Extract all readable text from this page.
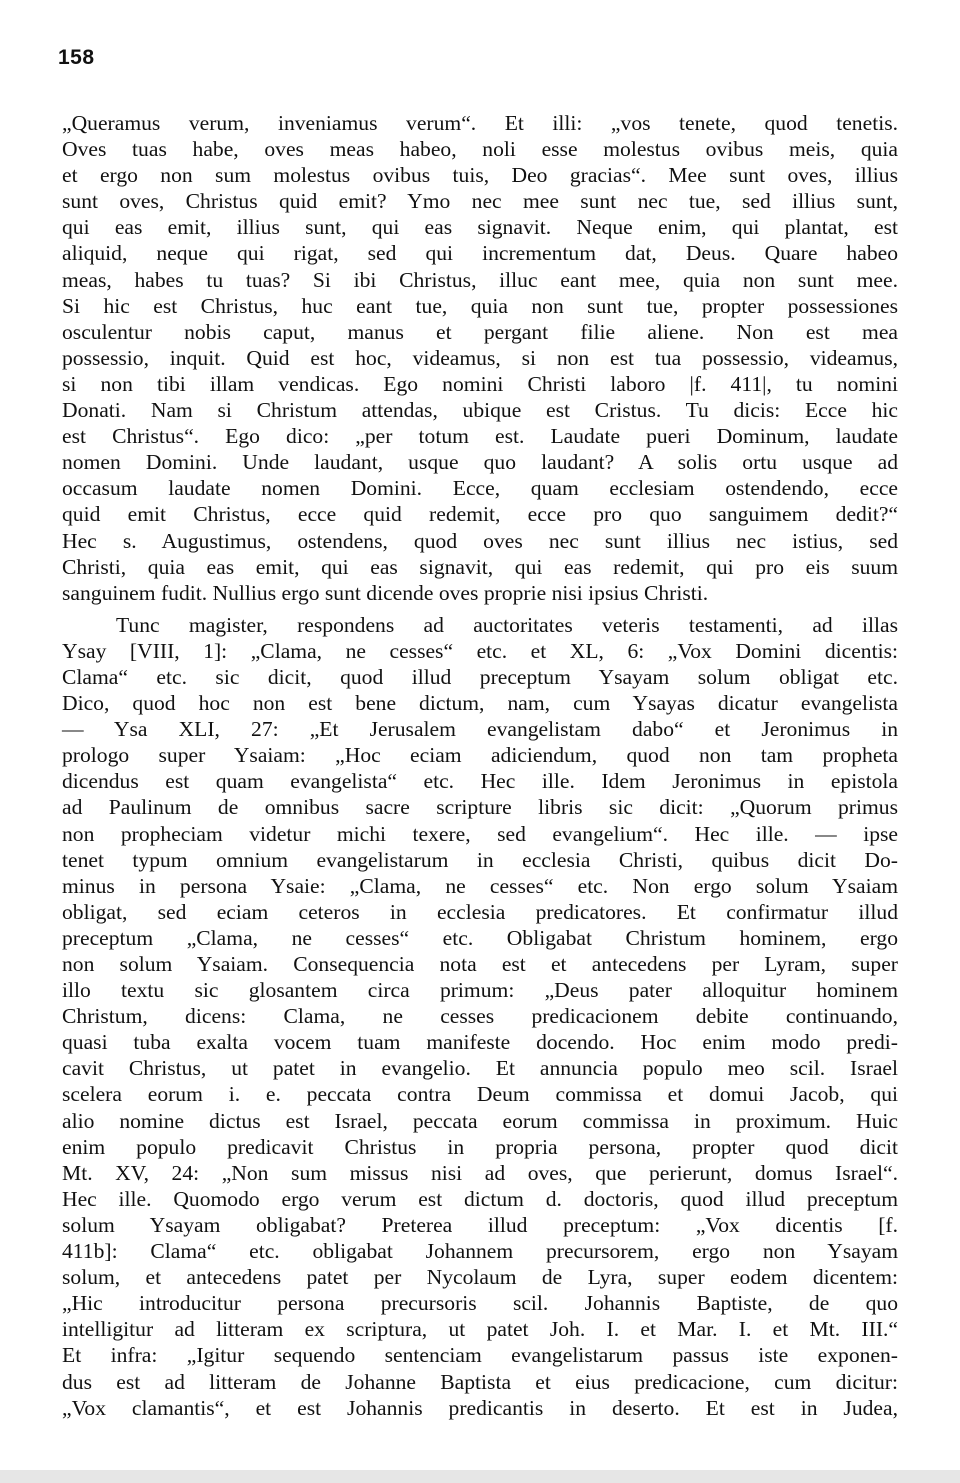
158
„Queramus verum, inveniamus verum“. Et illi: „vos tenete, quod tenetis.
Oves tuas habe, oves meas habeo, noli esse molestus ovibus meis, quia
et ergo non sum molestus ovibus tuis, Deo gracias“. Mee sunt oves, illius
sunt oves, Christus quid emit? Ymo nec mee sunt nec tue, sed illius sunt,
qui eas emit, illius sunt, qui eas signavit. Neque enim, qui plantat, est
aliquid, neque qui rigat, sed qui incrementum dat, Deus. Quare habeo
meas, habes tu tuas? Si ibi Christus, illuc eant mee, quia non sunt mee.
Si hic est Christus, huc eant tue, quia non sunt tue, propter possessiones
osculentur nobis caput, manus et pergant filie aliene. Non est mea
possessio, inquit. Quid est hoc, videamus, si non est tua possessio, videamus,
si non tibi illam vendicas. Ego nomini Christi laboro |f. 411|, tu nomini
Donati. Nam si Christum attendas, ubique est Cristus. Tu dicis: Ecce hic
est Christus“. Ego dico: „per totum est. Laudate pueri Dominum, laudate
nomen Domini. Unde laudant, usque quo laudant? A solis ortu usque ad
occasum laudate nomen Domini. Ecce, quam ecclesiam ostendendo, ecce
quid emit Christus, ecce quid redemit, ecce pro quo sanguimem dedit?“
Hec s. Augustimus, ostendens, quod oves nec sunt illius nec istius, sed
Christi, quia eas emit, qui eas signavit, qui eas redemit, qui pro eis suum
sanguinem fudit. Nullius ergo sunt dicende oves proprie nisi ipsius Christi.
Tunc magister, respondens ad auctoritates veteris testamenti, ad illas
Ysay [VIII, 1]: „Clama, ne cesses“ etc. et XL, 6: „Vox Domini dicentis:
Clama“ etc. sic dicit, quod illud preceptum Ysayam solum obligat etc.
Dico, quod hoc non est bene dictum, nam, cum Ysayas dicatur evangelista
— Ysa XLI, 27: „Et Jerusalem evangelistam dabo“ et Jeronimus in
prologo super Ysaiam: „Hoc eciam adiciendum, quod non tam propheta
dicendus est quam evangelista“ etc. Hec ille. Idem Jeronimus in epistola
ad Paulinum de omnibus sacre scripture libris sic dicit: „Quorum primus
non propheciam videtur michi texere, sed evangelium“. Hec ille. — ipse
tenet typum omnium evangelistarum in ecclesia Christi, quibus dicit Do-
minus in persona Ysaie: „Clama, ne cesses“ etc. Non ergo solum Ysaiam
obligat, sed eciam ceteros in ecclesia predicatores. Et confirmatur illud
preceptum „Clama, ne cesses“ etc. Obligabat Christum hominem, ergo
non solum Ysaiam. Consequencia nota est et antecedens per Lyram, super
illo textu sic glosantem circa primum: „Deus pater alloquitur hominem
Christum, dicens: Clama, ne cesses predicacionem debite continuando,
quasi tuba exalta vocem tuam manifeste docendo. Hoc enim modo predi-
cavit Christus, ut patet in evangelio. Et annuncia populo meo scil. Israel
scelera eorum i. e. peccata contra Deum commissa et domui Jacob, qui
alio nomine dictus est Israel, peccata eorum commissa in proximum. Huic
enim populo predicavit Christus in propria persona, propter quod dicit
Mt. XV, 24: „Non sum missus nisi ad oves, que perierunt, domus Israel“.
Hec ille. Quomodo ergo verum est dictum d. doctoris, quod illud preceptum
solum Ysayam obligabat? Preterea illud preceptum: „Vox dicentis [f.
411b]: Clama“ etc. obligabat Johannem precursorem, ergo non Ysayam
solum, et antecedens patet per Nycolaum de Lyra, super eodem dicentem:
„Hic introducitur persona precursoris scil. Johannis Baptiste, de quo
intelligitur ad litteram ex scriptura, ut patet Joh. I. et Mar. I. et Mt. III.“
Et infra: „Igitur sequendo sentenciam evangelistarum passus iste exponen-
dus est ad litteram de Johanne Baptista et eius predicacione, cum dicitur:
„Vox clamantis“, et est Johannis predicantis in deserto. Et est in Judea,
